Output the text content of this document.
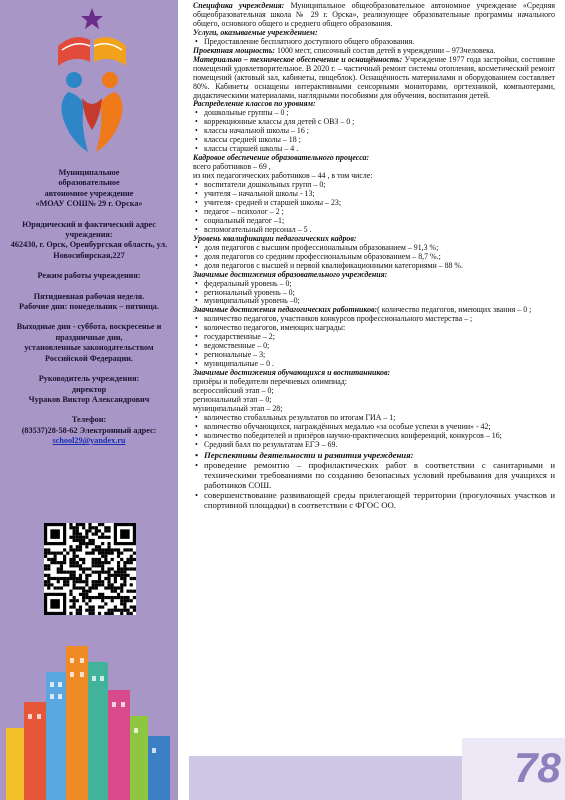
Муниципальное

образовательное

автономное учреждение

«МОАУ СОШ№ 29 г. Орска»

Юридический и фактический адрес учреждения:

462430, г. Орск, Оренбургская область, ул. Новосибирская,227

Режим работы учреждения:

Пятидневная рабочая неделя.

Рабочие дни: понедельник – пятница.

Выходные дни - суббота, воскресенье и праздничные дни,

установленные законодательством Российской Федерации.

Руководитель учреждения:

директор

Чураков Виктор Александрович

Телефон:

(83537)28-58-62 Электронный адрес:

school29@yandex.ru

Специфика учреждения: Муниципальное общеобразовательное автономное учреждение «Средняя общеобразовательная школа № 29 г. Орска», реализующее образовательные программы начального общего, основного общего и среднего общего образования.

Услуги, оказываемые учреждением:

• Предоставление бесплатного доступного общего образования.

Проектная мощность: 1000 мест, списочный состав детей в учреждении – 973человека.

Материально – техническое обеспечение и оснащённость: Учреждение 1977 года застройки, состояние помещений удовлетворительное. В 2020 г. – частичный ремонт системы отопления, косметический ремонт помещений (актовый зал, кабинеты, пищеблок). Оснащённость материалами и оборудованием составляет 80%. Кабинеты оснащены интерактивными сенсорными мониторами, оргтехникой, компьютерами, дидактическими материалами, наглядными пособиями для обучения, воспитания детей.

Распределение классов по уровням:

• дошкольные группы – 0 ;

• коррекционные классы для детей с ОВЗ – 0 ;

• классы начальной школы – 16 ;

• классы средней школы – 18 ;

• классы старшей школы – 4 .

Кадровое обеспечение образовательного процесса:

всего работников – 69 ,

из них педагогических работников – 44 , в том числе:

• воспитатели дошкольных групп – 0;

• учителя – начальной школы - 13;

• учителя- средней и старшей школы – 23;

• педагог – психолог – 2 ;

• социальный педагог –1;

• вспомогательный персонал – 5 .

Уровень квалификации педагогических кадров:

• доля педагогов с высшим профессиональным образованием – 91,3 %;

• доля педагогов со средним профессиональным образованием – 8,7 %.;

• доля педагогов с высшей и первой квалификационными категориями – 88 %.

Значимые достижения образовательного учреждения:

• федеральный уровень – 0;

• региональный уровень – 0;

• муниципальный уровень –0;

Значимые достижения педагогических работников:( количество педагогов, имеющих звания – 0 ;

• количество педагогов, участников конкурсов профессионального мастерства – ;

• количество педагогов, имеющих награды:

• государственные – 2;

• ведомственные – 0;

• региональные – 3;

• муниципальные – 0 .

Значимые достижения обучающихся и воспитанников:

призёры и победители перечневых олимпиад:

всероссийский этап – 0;

региональный этап – 0;

муниципальный этап – 28;

• количество стобалльных результатов по итогам ГИА – 1;

• количество обучающихся, награждённых медалью «за особые успехи в учении» - 42;

• количество победителей и призёров научно-практических конференций, конкурсов – 16;

• Средний балл по результатам ЕГЭ – 69.

• Перспективы деятельности и развития учреждения:

• проведение ремонтно – профилактических работ в соответствии с санитарными и техническими требованиями по созданию безопасных условий пребывания для учащихся и работников СОШ.

• совершенствование развивающей среды прилегающей территории (прогулочных участков и спортивной площадки) в соответствии с ФГОС ОО.

78
